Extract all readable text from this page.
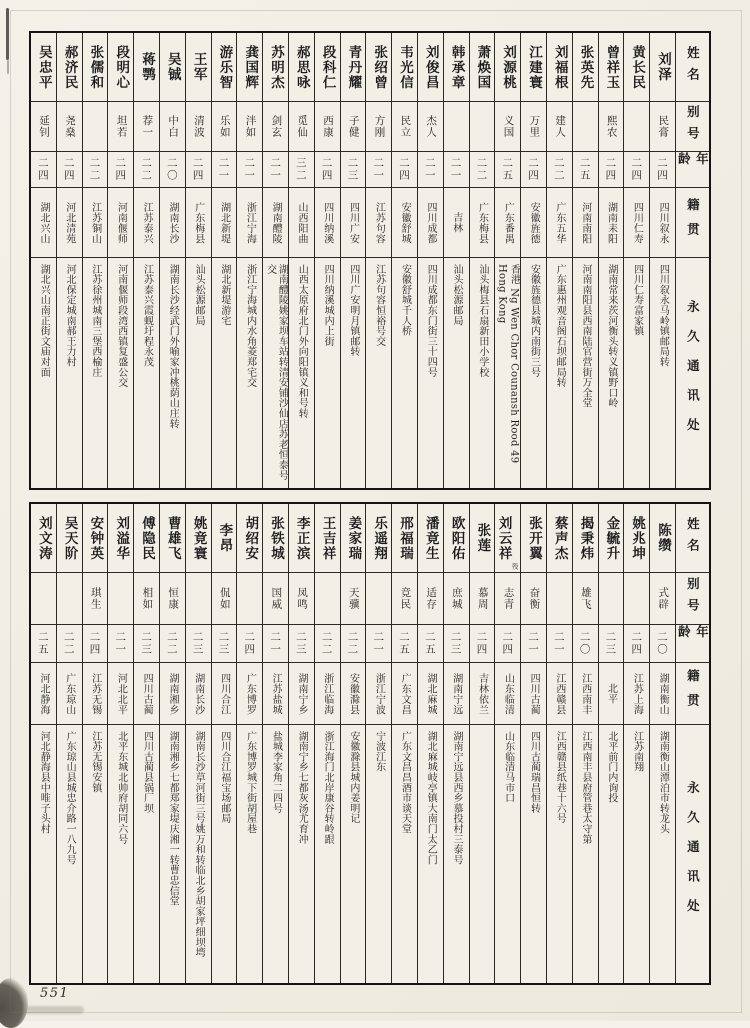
吴忠平
延钊
二四
湖北兴山
湖北兴山南正街文庙对面
郝济民
尧燊
二四
河北清苑
河北保定城南郝王力村
张儒和
二二
江苏铜山
江苏徐州城南三堡西榆庄
段明心
坦若
二四
河南偃师
河南偃师段湾西镇复盛公交
蒋鹗
荐一
二二
江苏泰兴
江苏泰兴霞蚬圩程永茂
吴铖
中白
二〇
湖南长沙
湖南长沙经武门外喻家冲桃荫山庄转
王军
清波
二四
广东梅县
汕头松源邮局
游乐智
乐如
二一
湖北新堤
湖北新堤游宅
龚国辉
泮如
二一
浙江宁海
浙江宁海城内水角菱郑宅交
苏明杰
剑玄
二一
湖南醴陵
湖南醴陵姚家坝车站转清安铺沙仙店苏老恒泰号交
郝思咏
觅仙
三二
山西阳曲
山西太原府北门外向阳镇义和号转
段科仁
西康
二四
四川纳溪
四川纳溪城内上街
青丹耀
子健
二三
四川广安
四川广安明月镇邮转
张绍曾
方刚
二一
江苏句容
江苏句容恒裕号交
韦光信
民立
二四
安徽舒城
安徽舒城千人桥
刘俊昌
杰人
二一
四川成都
四川成都东门街三十四号
韩承章
二一
吉林
汕头松源邮局
萧焕国
二二
广东梅县
汕头梅县石扇新田小学校
刘源桃
义国
二五
广东番禺
香港 Ng Wen Chor Counansh Rood 49 Hong Kong
江建寰
万里
二四
安徽旌德
安徽旌德县城内南街三号
刘福根
建人
二二
广东五华
广东惠州观音阁石坝邮局转
张英先
二五
河南南阳
河南南阳县西南陆官营街万全堂
曾祥玉
熙农
二四
湖南耒阳
湖南常来茨河衡头转义镇野口岭
黄长民
二四
四川仁寿
四川仁寿富家镇
刘泽
民膏
二四
四川叙永
四川叙永马岭镇邮局转
姓名
别号
年龄
籍贯
永久通讯处
刘文涛
二五
河北静海
河北静海县中唯子头村
吴天阶
二二
广东琼山
广东琼山县城忠介路一八九号
安钟英
琪生
二四
江苏无锡
江苏无锡安镇
刘溢华
二一
河北北平
北平东城北帅府胡同六号
傅隐民
相如
二三
四川古蔺
四川古蔺县锅厂坝
曹雄飞
恒康
二二
湖南湘乡
湖南湘乡七都郑家堤庆湘一转曹忠信堂
姚竟寰
二三
湖南长沙
湖南长沙草河街三号姚万和转临北乡胡家坪细坝塆
李昂
侃如
二三
四川合江
四川合江福宝场邮局
胡绍安
二四
广东博罗
广东博罗城下街胡屋巷
张铁城
国威
二一
江苏盐城
盐城李家角二四号
李正滨
凤鸣
二三
湖南宁乡
湖南宁乡七都灰汤尤育冲
王吉祥
二二
浙江临海
浙江海门北岸康谷转岭跟
姜家瑞
天骥
二二
安徽滁县
安徽滁县城内姜明记
乐遥翔
二一
浙江宁波
宁波江东
邢福瑞
竞民
二五
广东文昌
广东文昌昌酒市谈天堂
潘竟生
适存
二五
湖北麻城
湖北麻城岐亭镇大南门太乙门
欧阳佑
庶城
二三
湖南宁远
湖南宁远县西乡慕投村三泰号
张莲
慕周
二四
吉林依兰
刘云祥
殁
志青
二四
山东临清
山东临清马市口
张开翼
奋衡
二一
四川古蔺
四川古蔺瑞昌恒转
蔡声杰
二一
江西赣县
江西赣县纸巷十六号
揭秉炜
雄飞
二〇
江西南丰
江西南丰县府管巷太守第
金毓升
二三
北平
北平前门内询投
姚兆坤
二四
江苏上海
江苏南翔
陈缵
式辟
二〇
湖南衡山
湖南衡山潭泊市转龙头
姓名
别号
年龄
籍贯
永久通讯处
551
